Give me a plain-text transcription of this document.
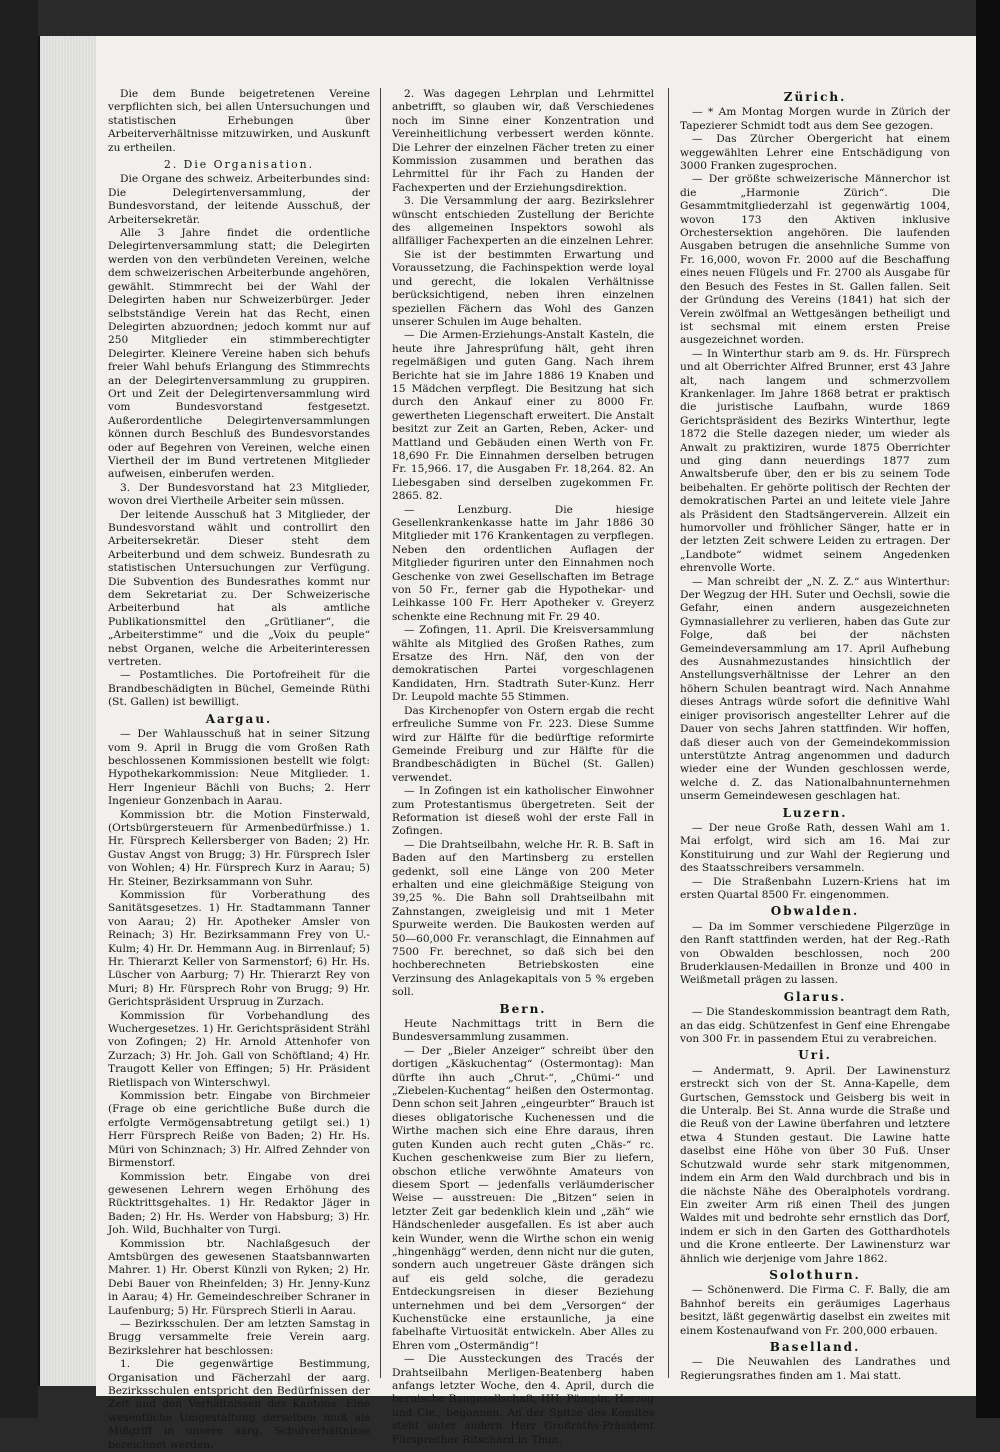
Die dem Bunde beigetretenen Vereine verpflichten sich, bei allen Untersuchungen und statistischen Erhebungen über Arbeiterverhältnisse mitzuwirken, und Auskunft zu ertheilen.

2. Die Organisation.

Die Organe des schweiz. Arbeiterbundes sind: Die Delegirtenversammlung, der Bundesvorstand, der leitende Ausschuß, der Arbeitersekretär.

Alle 3 Jahre findet die ordentliche Delegirtenversammlung statt; die Delegirten werden von den verbündeten Vereinen, welche dem schweizerischen Arbeiterbunde angehören, gewählt. Stimmrecht bei der Wahl der Delegirten haben nur Schweizerbürger. Jeder selbstständige Verein hat das Recht, einen Delegirten abzuordnen; jedoch kommt nur auf 250 Mitglieder ein stimmberechtigter Delegirter. Kleinere Vereine haben sich behufs freier Wahl behufs Erlangung des Stimmrechts an der Delegirtenversammlung zu gruppiren. Ort und Zeit der Delegirtenversammlung wird vom Bundesvorstand festgesetzt. Außerordentliche Delegirtenversammlungen können durch Beschluß des Bundesvorstandes oder auf Begehren von Vereinen, welche einen Viertheil der im Bund vertretenen Mitglieder aufweisen, einberufen werden.

3. Der Bundesvorstand hat 23 Mitglieder, wovon drei Viertheile Arbeiter sein müssen.

Der leitende Ausschuß hat 3 Mitglieder, der Bundesvorstand wählt und controllirt den Arbeitersekretär. Dieser steht dem Arbeiterbund und dem schweiz. Bundesrath zu statistischen Untersuchungen zur Verfügung. Die Subvention des Bundesrathes kommt nur dem Sekretariat zu. Der Schweizerische Arbeiterbund hat als amtliche Publikationsmittel den „Grütlianer“, die „Arbeiterstimme“ und die „Voix du peuple“ nebst Organen, welche die Arbeiterinteressen vertreten.

— Postamtliches. Die Portofreiheit für die Brandbeschädigten in Büchel, Gemeinde Rüthi (St. Gallen) ist bewilligt.

Aargau.

— Der Wahlausschuß hat in seiner Sitzung vom 9. April in Brugg die vom Großen Rath beschlossenen Kommissionen bestellt wie folgt: Hypothekarkommission: Neue Mitglieder. 1. Herr Ingenieur Bächli von Buchs; 2. Herr Ingenieur Gonzenbach in Aarau.

Kommission btr. die Motion Finsterwald, (Ortsbürgersteuern für Armenbedürfnisse.) 1. Hr. Fürsprech Kellersberger von Baden; 2) Hr. Gustav Angst von Brugg; 3) Hr. Fürsprech Isler von Wohlen; 4) Hr. Fürsprech Kurz in Aarau; 5) Hr. Steiner, Bezirksammann von Suhr.

Kommission für Vorberathung des Sanitätsgesetzes. 1) Hr. Stadtammann Tanner von Aarau; 2) Hr. Apotheker Amsler von Reinach; 3) Hr. Bezirksammann Frey von U.-Kulm; 4) Hr. Dr. Hemmann Aug. in Birrenlauf; 5) Hr. Thierarzt Keller von Sarmenstorf; 6) Hr. Hs. Lüscher von Aarburg; 7) Hr. Thierarzt Rey von Muri; 8) Hr. Fürsprech Rohr von Brugg; 9) Hr. Gerichtspräsident Urspruug in Zurzach.

Kommission für Vorbehandlung des Wuchergesetzes. 1) Hr. Gerichtspräsident Strähl von Zofingen; 2) Hr. Arnold Attenhofer von Zurzach; 3) Hr. Joh. Gall von Schöftland; 4) Hr. Traugott Keller von Effingen; 5) Hr. Präsident Rietlispach von Winterschwyl.

Kommission betr. Eingabe von Birchmeier (Frage ob eine gerichtliche Buße durch die erfolgte Vermögensabtretung getilgt sei.) 1) Herr Fürsprech Reiße von Baden; 2) Hr. Hs. Müri von Schinznach; 3) Hr. Alfred Zehnder von Birmenstorf.

Kommission betr. Eingabe von drei gewesenen Lehrern wegen Erhöhung des Rücktrittsgehaltes. 1) Hr. Redaktor Jäger in Baden; 2) Hr. Hs. Werder von Habsburg; 3) Hr. Joh. Wild, Buchhalter von Turgi.

Kommission btr. Nachlaßgesuch der Amtsbürgen des gewesenen Staatsbannwarten Mahrer. 1) Hr. Oberst Künzli von Ryken; 2) Hr. Debi Bauer von Rheinfelden; 3) Hr. Jenny-Kunz in Aarau; 4) Hr. Gemeindeschreiber Schraner in Laufenburg; 5) Hr. Fürsprech Stierli in Aarau.

— Bezirksschulen. Der am letzten Samstag in Brugg versammelte freie Verein aarg. Bezirkslehrer hat beschlossen:

1. Die gegenwärtige Bestimmung, Organisation und Fächerzahl der aarg. Bezirksschulen entspricht den Bedürfnissen der Zeit und den Verhältnissen des Kantons. Eine wesentliche Umgestaltung derselben muß als Mißgriff in unsere aarg. Schulverhältnisse bezeichnet werden.

2. Was dagegen Lehrplan und Lehrmittel anbetrifft, so glauben wir, daß Verschiedenes noch im Sinne einer Konzentration und Vereinheitlichung verbessert werden könnte. Die Lehrer der einzelnen Fächer treten zu einer Kommission zusammen und berathen das Lehrmittel für ihr Fach zu Handen der Fachexperten und der Erziehungsdirektion.

3. Die Versammlung der aarg. Bezirkslehrer wünscht entschieden Zustellung der Berichte des allgemeinen Inspektors sowohl als allfälliger Fachexperten an die einzelnen Lehrer.

Sie ist der bestimmten Erwartung und Voraussetzung, die Fachinspektion werde loyal und gerecht, die lokalen Verhältnisse berücksichtigend, neben ihren einzelnen speziellen Fächern das Wohl des Ganzen unserer Schulen im Auge behalten.

— Die Armen-Erziehungs-Anstalt Kasteln, die heute ihre Jahresprüfung hält, geht ihren regelmäßigen und guten Gang. Nach ihrem Berichte hat sie im Jahre 1886 19 Knaben und 15 Mädchen verpflegt. Die Besitzung hat sich durch den Ankauf einer zu 8000 Fr. gewertheten Liegenschaft erweitert. Die Anstalt besitzt zur Zeit an Garten, Reben, Acker- und Mattland und Gebäuden einen Werth von Fr. 18,690 Fr. Die Einnahmen derselben betrugen Fr. 15,966. 17, die Ausgaben Fr. 18,264. 82. An Liebesgaben sind derselben zugekommen Fr. 2865. 82.

— Lenzburg. Die hiesige Gesellenkrankenkasse hatte im Jahr 1886 30 Mitglieder mit 176 Krankentagen zu verpflegen. Neben den ordentlichen Auflagen der Mitglieder figuriren unter den Einnahmen noch Geschenke von zwei Gesellschaften im Betrage von 50 Fr., ferner gab die Hypothekar- und Leihkasse 100 Fr. Herr Apotheker v. Greyerz schenkte eine Rechnung mit Fr. 29 40.

— Zofingen, 11. April. Die Kreisversammlung wählte als Mitglied des Großen Rathes, zum Ersatze des Hrn. Näf, den von der demokratischen Partei vorgeschlagenen Kandidaten, Hrn. Stadtrath Suter-Kunz. Herr Dr. Leupold machte 55 Stimmen.

Das Kirchenopfer von Ostern ergab die recht erfreuliche Summe von Fr. 223. Diese Summe wird zur Hälfte für die bedürftige reformirte Gemeinde Freiburg und zur Hälfte für die Brandbeschädigten in Büchel (St. Gallen) verwendet.

— In Zofingen ist ein katholischer Einwohner zum Protestantismus übergetreten. Seit der Reformation ist dieseß wohl der erste Fall in Zofingen.

— Die Drahtseilbahn, welche Hr. R. B. Saft in Baden auf den Martinsberg zu erstellen gedenkt, soll eine Länge von 200 Meter erhalten und eine gleichmäßige Steigung von 39,25 %. Die Bahn soll Drahtseilbahn mit Zahnstangen, zweigleisig und mit 1 Meter Spurweite werden. Die Baukosten werden auf 50—60,000 Fr. veranschlagt, die Einnahmen auf 7500 Fr. berechnet, so daß sich bei den hochberechneten Betriebskosten eine Verzinsung des Anlagekapitals von 5 % ergeben soll.

Bern.

Heute Nachmittags tritt in Bern die Bundesversammlung zusammen.

— Der „Bieler Anzeiger“ schreibt über den dortigen „Käskuchentag“ (Ostermontag): Man dürfte ihn auch „Chrut-“, „Chümi-“ und „Ziebelen-Kuchentag“ heißen den Ostermontag. Denn schon seit Jahren „eingeurbter“ Brauch ist dieses obligatorische Kuchenessen und die Wirthe machen sich eine Ehre daraus, ihren guten Kunden auch recht guten „Chäs-“ rc. Kuchen geschenkweise zum Bier zu liefern, obschon etliche verwöhnte Amateurs von diesem Sport — jedenfalls verläumderischer Weise — ausstreuen: Die „Bitzen“ seien in letzter Zeit gar bedenklich klein und „zäh“ wie Händschenleder ausgefallen. Es ist aber auch kein Wunder, wenn die Wirthe schon ein wenig „hingenhägg“ werden, denn nicht nur die guten, sondern auch ungetreuer Gäste drängen sich auf eis geld solche, die geradezu Entdeckungsreisen in dieser Beziehung unternehmen und bei dem „Versorgen“ der Kuchenstücke eine erstaunliche, ja eine fabelhafte Virtuosität entwickeln. Aber Alles zu Ehren vom „Ostermändig“!

— Die Aussteckungen des Tracés der Drahtseilbahn Merligen-Beatenberg haben anfangs letzter Woche, den 4. April, durch die bernische Baugesellschaft, HH. Pümpin, Herzog und Cie., begonnen. An der Spitze des Komites steht unter andern Herr Großraths-Präsident Fürsprecher Ritschard in Thun.

Zürich.

— * Am Montag Morgen wurde in Zürich der Tapezierer Schmidt todt aus dem See gezogen.

— Das Zürcher Obergericht hat einem weggewählten Lehrer eine Entschädigung von 3000 Franken zugesprochen.

— Der größte schweizerische Männerchor ist die „Harmonie Zürich“. Die Gesammtmitgliederzahl ist gegenwärtig 1004, wovon 173 den Aktiven inklusive Orchestersektion angehören. Die laufenden Ausgaben betrugen die ansehnliche Summe von Fr. 16,000, wovon Fr. 2000 auf die Beschaffung eines neuen Flügels und Fr. 2700 als Ausgabe für den Besuch des Festes in St. Gallen fallen. Seit der Gründung des Vereins (1841) hat sich der Verein zwölfmal an Wettgesängen betheiligt und ist sechsmal mit einem ersten Preise ausgezeichnet worden.

— In Winterthur starb am 9. ds. Hr. Fürsprech und alt Oberrichter Alfred Brunner, erst 43 Jahre alt, nach langem und schmerzvollem Krankenlager. Im Jahre 1868 betrat er praktisch die juristische Laufbahn, wurde 1869 Gerichtspräsident des Bezirks Winterthur, legte 1872 die Stelle dazegen nieder, um wieder als Anwalt zu praktiziren, wurde 1875 Oberrichter und ging dann neuerdings 1877 zum Anwaltsberufe über, den er bis zu seinem Tode beibehalten. Er gehörte politisch der Rechten der demokratischen Partei an und leitete viele Jahre als Präsident den Stadtsängerverein. Allzeit ein humorvoller und fröhlicher Sänger, hatte er in der letzten Zeit schwere Leiden zu ertragen. Der „Landbote“ widmet seinem Angedenken ehrenvolle Worte.

— Man schreibt der „N. Z. Z.“ aus Winterthur: Der Wegzug der HH. Suter und Oechsli, sowie die Gefahr, einen andern ausgezeichneten Gymnasiallehrer zu verlieren, haben das Gute zur Folge, daß bei der nächsten Gemeindeversammlung am 17. April Aufhebung des Ausnahmezustandes hinsichtlich der Anstellungsverhältnisse der Lehrer an den höhern Schulen beantragt wird. Nach Annahme dieses Antrags würde sofort die definitive Wahl einiger provisorisch angestellter Lehrer auf die Dauer von sechs Jahren stattfinden. Wir hoffen, daß dieser auch von der Gemeindekommission unterstützte Antrag angenommen und dadurch wieder eine der Wunden geschlossen werde, welche d. Z. das Nationalbahnunternehmen unserm Gemeindewesen geschlagen hat.

Luzern.

— Der neue Große Rath, dessen Wahl am 1. Mai erfolgt, wird sich am 16. Mai zur Konstituirung und zur Wahl der Regierung und des Staatsschreibers versammeln.

— Die Straßenbahn Luzern-Kriens hat im ersten Quartal 8500 Fr. eingenommen.

Obwalden.

— Da im Sommer verschiedene Pilgerzüge in den Ranft stattfinden werden, hat der Reg.-Rath von Obwalden beschlossen, noch 200 Bruderklausen-Medaillen in Bronze und 400 in Weißmetall prägen zu lassen.

Glarus.

— Die Standeskommission beantragt dem Rath, an das eidg. Schützenfest in Genf eine Ehrengabe von 300 Fr. in passendem Etui zu verabreichen.

Uri.

— Andermatt, 9. April. Der Lawinensturz erstreckt sich von der St. Anna-Kapelle, dem Gurtschen, Gemsstock und Geisberg bis weit in die Unteralp. Bei St. Anna wurde die Straße und die Reuß von der Lawine überfahren und letztere etwa 4 Stunden gestaut. Die Lawine hatte daselbst eine Höhe von über 30 Fuß. Unser Schutzwald wurde sehr stark mitgenommen, indem ein Arm den Wald durchbrach und bis in die nächste Nähe des Oberalphotels vordrang. Ein zweiter Arm riß einen Theil des jungen Waldes mit und bedrohte sehr ernstlich das Dorf, indem er sich in den Garten des Gotthardhotels und die Krone entleerte. Der Lawinensturz war ähnlich wie derjenige vom Jahre 1862.

Solothurn.

— Schönenwerd. Die Firma C. F. Bally, die am Bahnhof bereits ein geräumiges Lagerhaus besitzt, läßt gegenwärtig daselbst ein zweites mit einem Kostenaufwand von Fr. 200,000 erbauen.

Baselland.

— Die Neuwahlen des Landrathes und Regierungsrathes finden am 1. Mai statt.
